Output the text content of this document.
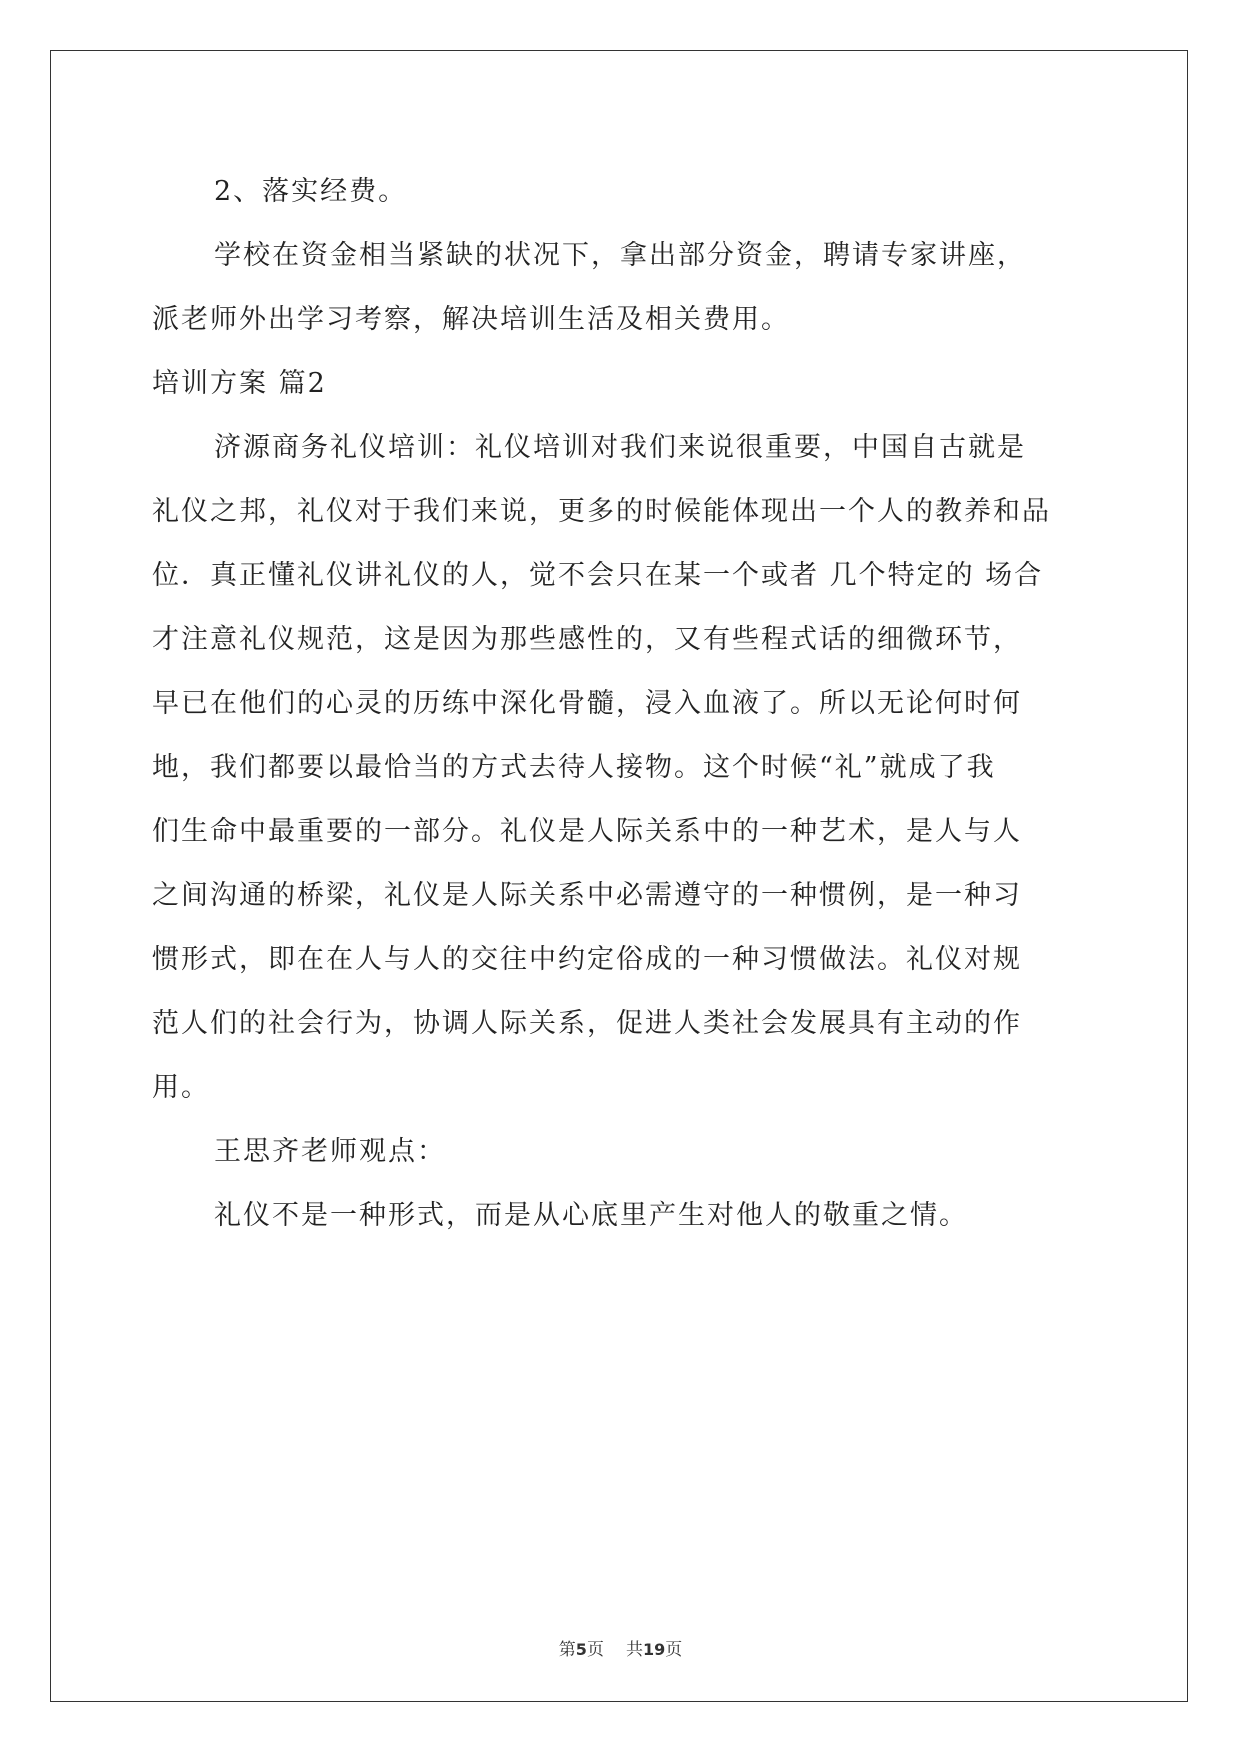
2、落实经费。
学校在资金相当紧缺的状况下，拿出部分资金，聘请专家讲座，
派老师外出学习考察，解决培训生活及相关费用。
培训方案 篇2
济源商务礼仪培训：礼仪培训对我们来说很重要，中国自古就是
礼仪之邦，礼仪对于我们来说，更多的时候能体现出一个人的教养和品
位．真正懂礼仪讲礼仪的人，觉不会只在某一个或者 几个特定的 场合
才注意礼仪规范，这是因为那些感性的，又有些程式话的细微环节，
早已在他们的心灵的历练中深化骨髓，浸入血液了。所以无论何时何
地，我们都要以最恰当的方式去待人接物。这个时候“礼”就成了我
们生命中最重要的一部分。礼仪是人际关系中的一种艺术，是人与人
之间沟通的桥梁，礼仪是人际关系中必需遵守的一种惯例，是一种习
惯形式，即在在人与人的交往中约定俗成的一种习惯做法。礼仪对规
范人们的社会行为，协调人际关系，促进人类社会发展具有主动的作
用。
王思齐老师观点：
礼仪不是一种形式，而是从心底里产生对他人的敬重之情。
第5页 共19页
